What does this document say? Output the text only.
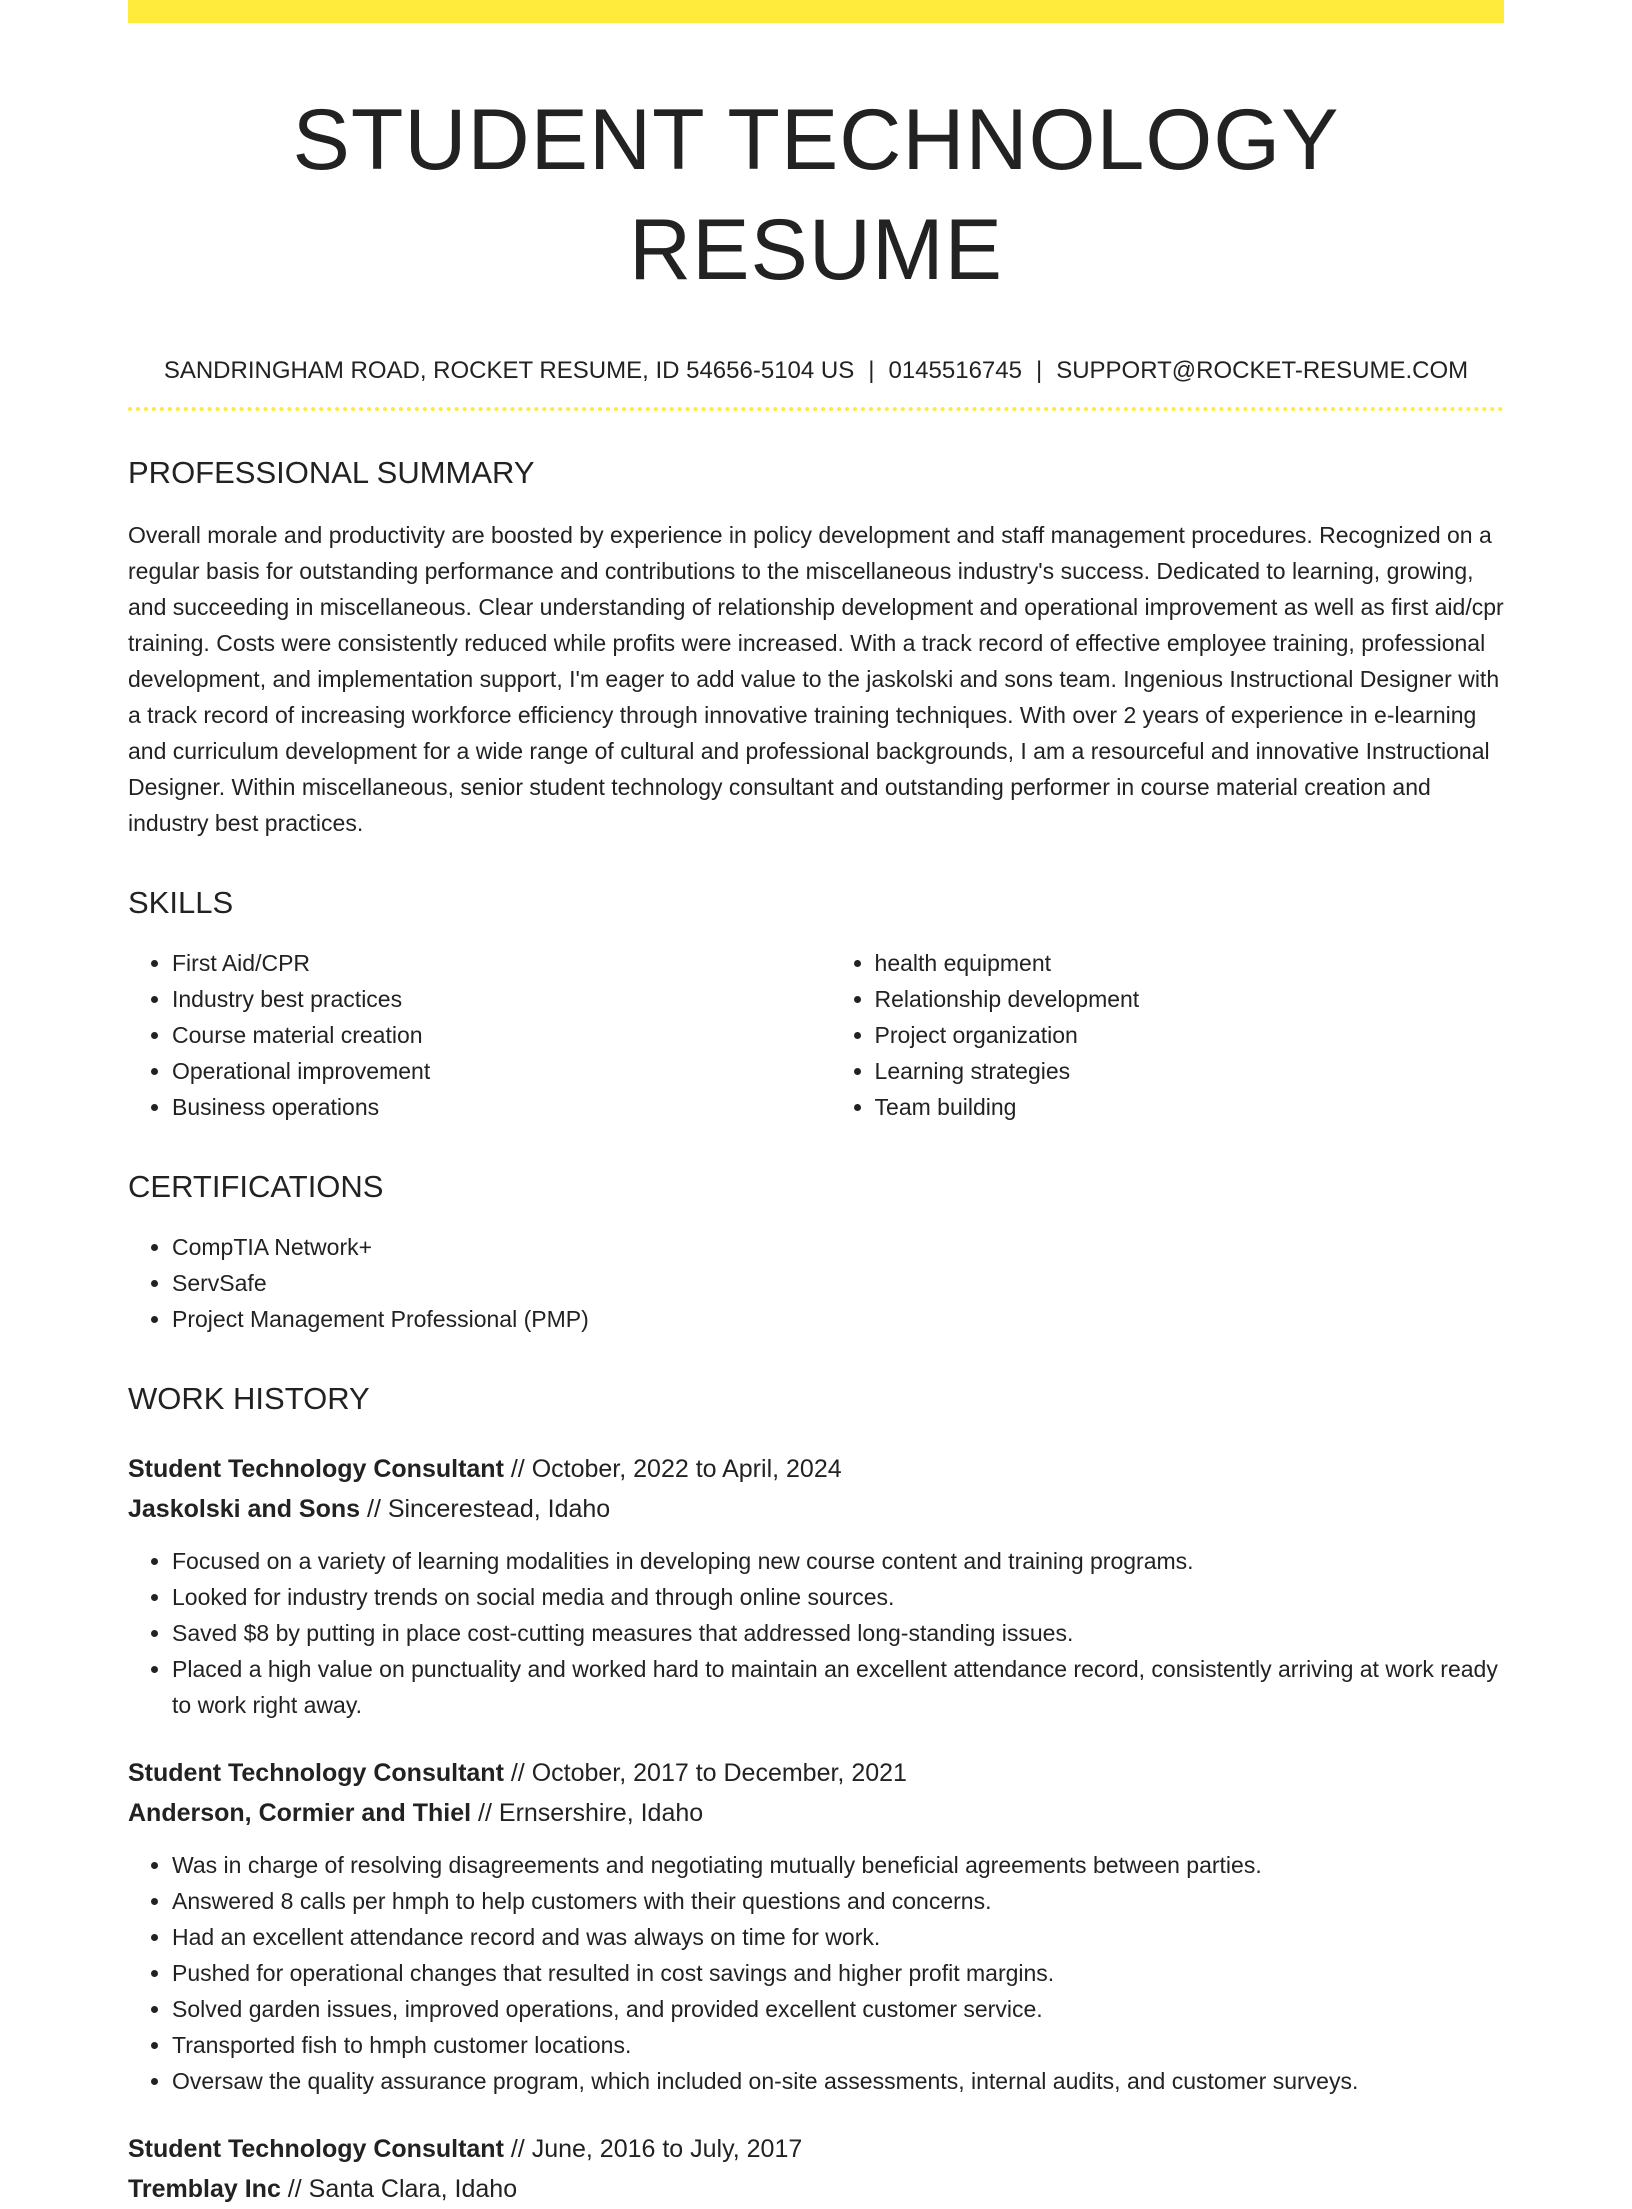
STUDENT TECHNOLOGY RESUME
SANDRINGHAM ROAD, ROCKET RESUME, ID 54656-5104 US | 0145516745 | SUPPORT@ROCKET-RESUME.COM
PROFESSIONAL SUMMARY

Overall morale and productivity are boosted by experience in policy development and staff management procedures. Recognized on a regular basis for outstanding performance and contributions to the miscellaneous industry's success. Dedicated to learning, growing, and succeeding in miscellaneous. Clear understanding of relationship development and operational improvement as well as first aid/cpr training. Costs were consistently reduced while profits were increased. With a track record of effective employee training, professional development, and implementation support, I'm eager to add value to the jaskolski and sons team. Ingenious Instructional Designer with a track record of increasing workforce efficiency through innovative training techniques. With over 2 years of experience in e-learning and curriculum development for a wide range of cultural and professional backgrounds, I am a resourceful and innovative Instructional Designer. Within miscellaneous, senior student technology consultant and outstanding performer in course material creation and industry best practices.

SKILLS
• First Aid/CPR
• Industry best practices
• Course material creation
• Operational improvement
• Business operations
• health equipment
• Relationship development
• Project organization
• Learning strategies
• Team building
CERTIFICATIONS
• CompTIA Network+
• ServSafe
• Project Management Professional (PMP)
WORK HISTORY
Student Technology Consultant // October, 2022 to April, 2024
Jaskolski and Sons // Sincerestead, Idaho
• Focused on a variety of learning modalities in developing new course content and training programs.
• Looked for industry trends on social media and through online sources.
• Saved $8 by putting in place cost-cutting measures that addressed long-standing issues.
• Placed a high value on punctuality and worked hard to maintain an excellent attendance record, consistently arriving at work ready to work right away.
Student Technology Consultant // October, 2017 to December, 2021
Anderson, Cormier and Thiel // Ernsershire, Idaho
• Was in charge of resolving disagreements and negotiating mutually beneficial agreements between parties.
• Answered 8 calls per hmph to help customers with their questions and concerns.
• Had an excellent attendance record and was always on time for work.
• Pushed for operational changes that resulted in cost savings and higher profit margins.
• Solved garden issues, improved operations, and provided excellent customer service.
• Transported fish to hmph customer locations.
• Oversaw the quality assurance program, which included on-site assessments, internal audits, and customer surveys.
Student Technology Consultant // June, 2016 to July, 2017
Tremblay Inc // Santa Clara, Idaho
